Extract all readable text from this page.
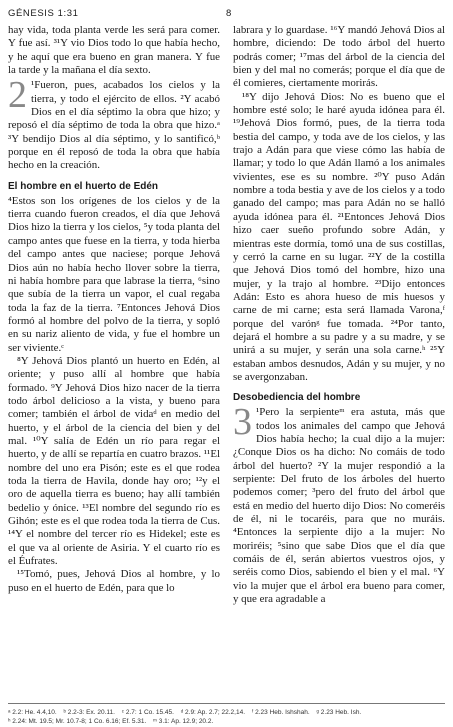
GÉNESIS 1:31	8

hay vida, toda planta verde les será para comer. Y fue así. ³¹Y vio Dios todo lo que había hecho, y he aquí que era bueno en gran manera. Y fue la tarde y la mañana el día sexto.

2 ¹Fueron, pues, acabados los cielos y la tierra, y todo el ejército de ellos. ²Y acabó Dios en el día séptimo la obra que hizo; y reposó el día séptimo de toda la obra que hizo.ᵃ ³Y bendijo Dios al día séptimo, y lo santificó,ᵇ porque en él reposó de toda la obra que había hecho en la creación.

El hombre en el huerto de Edén

⁴Estos son los orígenes de los cielos y de la tierra cuando fueron creados, el día que Jehová Dios hizo la tierra y los cielos, ⁵y toda planta del campo antes que fuese en la tierra, y toda hierba del campo antes que naciese; porque Jehová Dios aún no había hecho llover sobre la tierra, ni había hombre para que labrase la tierra, ⁶sino que subía de la tierra un vapor, el cual regaba toda la faz de la tierra. ⁷Entonces Jehová Dios formó al hombre del polvo de la tierra, y sopló en su nariz aliento de vida, y fue el hombre un ser viviente.ᶜ

⁸Y Jehová Dios plantó un huerto en Edén, al oriente; y puso allí al hombre que había formado. ⁹Y Jehová Dios hizo nacer de la tierra todo árbol delicioso a la vista, y bueno para comer; también el árbol de vidaᵈ en medio del huerto, y el árbol de la ciencia del bien y del mal. ¹⁰Y salía de Edén un río para regar el huerto, y de allí se repartía en cuatro brazos. ¹¹El nombre del uno era Pisón; este es el que rodea toda la tierra de Havila, donde hay oro; ¹²y el oro de aquella tierra es bueno; hay allí también bedelio y ónice. ¹³El nombre del segundo río es Gihón; este es el que rodea toda la tierra de Cus. ¹⁴Y el nombre del tercer río es Hidekel; este es el que va al oriente de Asiria. Y el cuarto río es el Éufrates.

¹⁵Tomó, pues, Jehová Dios al hombre, y lo puso en el huerto de Edén, para que lo

labrara y lo guardase. ¹⁶Y mandó Jehová Dios al hombre, diciendo: De todo árbol del huerto podrás comer; ¹⁷mas del árbol de la ciencia del bien y del mal no comerás; porque el día que de él comieres, ciertamente morirás.

¹⁸Y dijo Jehová Dios: No es bueno que el hombre esté solo; le haré ayuda idónea para él. ¹⁹Jehová Dios formó, pues, de la tierra toda bestia del campo, y toda ave de los cielos, y las trajo a Adán para que viese cómo las había de llamar; y todo lo que Adán llamó a los animales vivientes, ese es su nombre. ²⁰Y puso Adán nombre a toda bestia y ave de los cielos y a todo ganado del campo; mas para Adán no se halló ayuda idónea para él. ²¹Entonces Jehová Dios hizo caer sueño profundo sobre Adán, y mientras este dormía, tomó una de sus costillas, y cerró la carne en su lugar. ²²Y de la costilla que Jehová Dios tomó del hombre, hizo una mujer, y la trajo al hombre. ²³Dijo entonces Adán: Esto es ahora hueso de mis huesos y carne de mi carne; esta será llamada Varona,ᶠ porque del varónᵍ fue tomada. ²⁴Por tanto, dejará el hombre a su padre y a su madre, y se unirá a su mujer, y serán una sola carne.ʰ ²⁵Y estaban ambos desnudos, Adán y su mujer, y no se avergonzaban.

Desobediencia del hombre

3 ¹Pero la serpienteᵐ era astuta, más que todos los animales del campo que Jehová Dios había hecho; la cual dijo a la mujer: ¿Conque Dios os ha dicho: No comáis de todo árbol del huerto? ²Y la mujer respondió a la serpiente: Del fruto de los árboles del huerto podemos comer; ³pero del fruto del árbol que está en medio del huerto dijo Dios: No comeréis de él, ni le tocaréis, para que no muráis. ⁴Entonces la serpiente dijo a la mujer: No moriréis; ⁵sino que sabe Dios que el día que comáis de él, serán abiertos vuestros ojos, y seréis como Dios, sabiendo el bien y el mal. ⁶Y vio la mujer que el árbol era bueno para comer, y que era agradable a

ᵃ 2.2: He. 4.4,10. ᵇ 2.2-3: Ex. 20.11. ᶜ 2.7: 1 Co. 15.45. ᵈ 2.9: Ap. 2.7; 22.2,14. ᶠ 2.23 Heb. Ishshah. ᵍ 2.23 Heb. Ish. ʰ 2.24: Mt. 19.5; Mr. 10.7-8; 1 Co. 6.16; Ef. 5.31. ᵐ 3.1: Ap. 12.9; 20.2.
